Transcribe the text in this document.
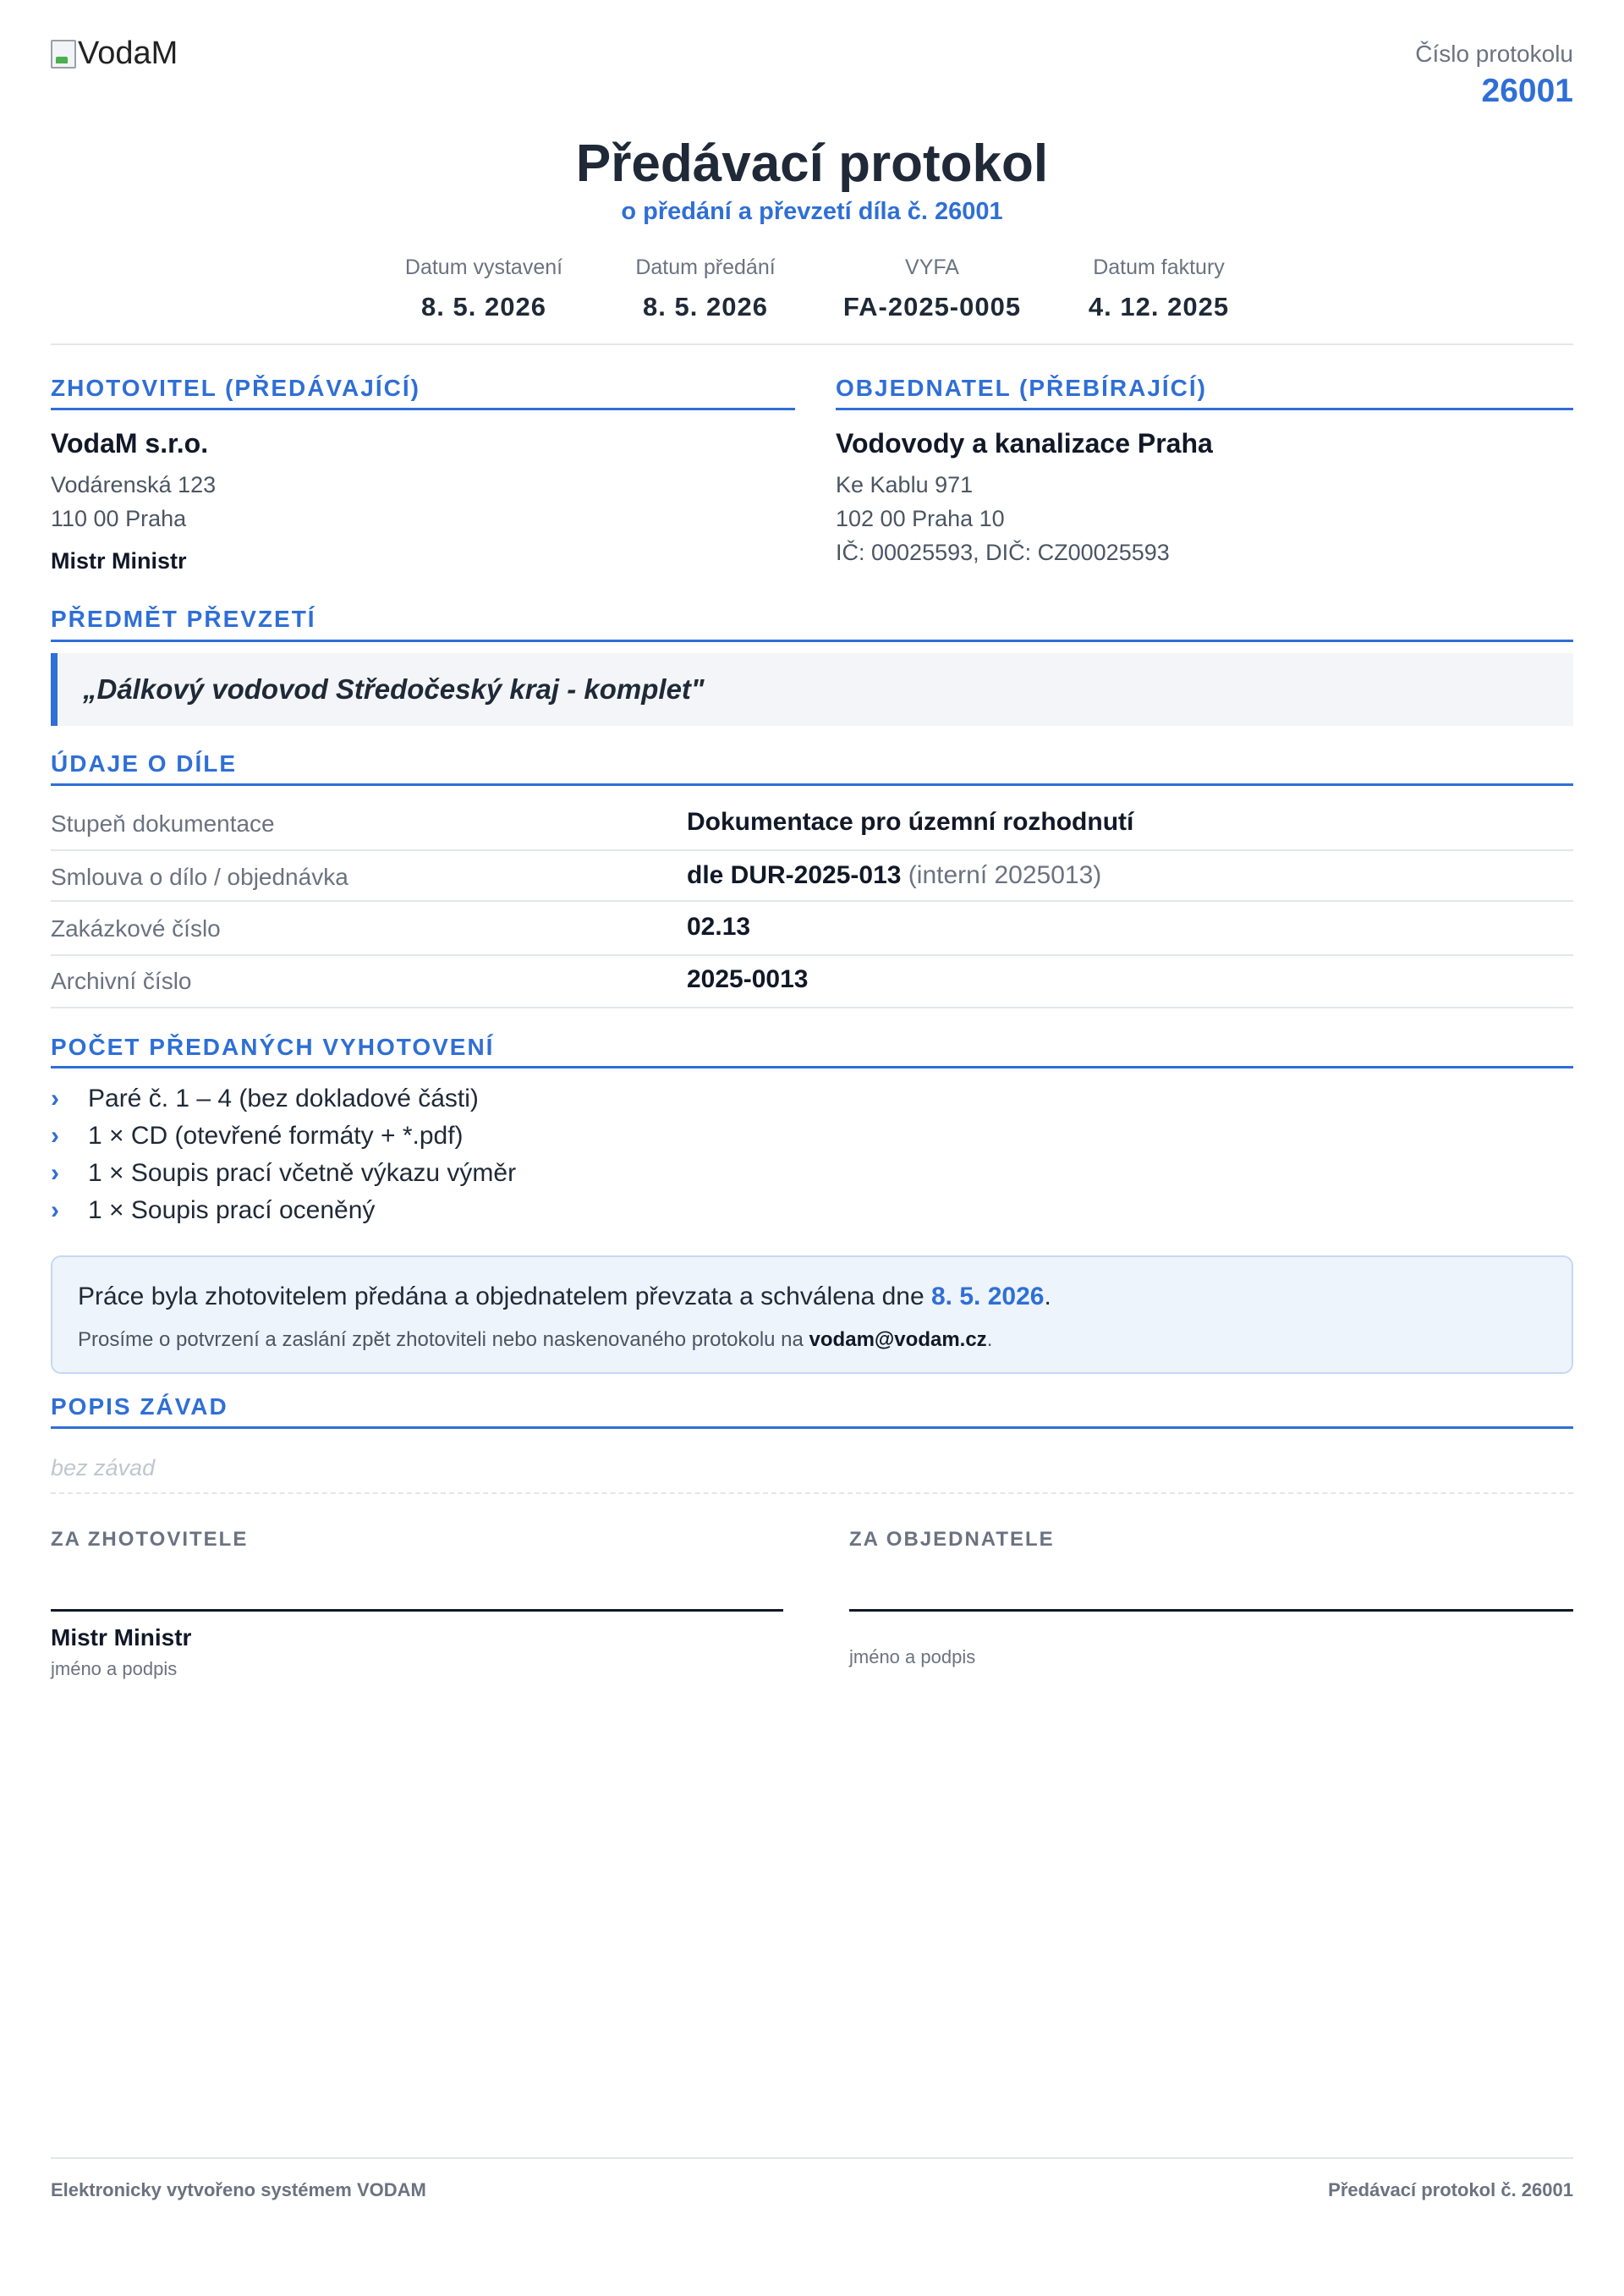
VodaM	Číslo protokolu
26001
Předávací protokol
o předání a převzetí díla č. 26001
Datum vystavení
8. 5. 2026
Datum předání
8. 5. 2026
VYFA
FA-2025-0005
Datum faktury
4. 12. 2025
ZHOTOVITEL (PŘEDÁVAJÍCÍ)
VodaM s.r.o.
Vodárenská 123
110 00 Praha
Mistr Ministr
OBJEDNATEL (PŘEBÍRAJÍCÍ)
Vodovody a kanalizace Praha
Ke Kablu 971
102 00 Praha 10
IČ: 00025593, DIČ: CZ00025593
PŘEDMĚT PŘEVZETÍ
„Dálkový vodovod Středočeský kraj - komplet"
ÚDAJE O DÍLE
Stupeň dokumentace	Dokumentace pro územní rozhodnutí
Smlouva o dílo / objednávka	dle DUR-2025-013 (interní 2025013)
Zakázkové číslo	02.13
Archivní číslo	2025-0013
POČET PŘEDANÝCH VYHOTOVENÍ
› Paré č. 1 – 4 (bez dokladové části)
› 1 × CD (otevřené formáty + *.pdf)
› 1 × Soupis prací včetně výkazu výměr
› 1 × Soupis prací oceněný
Práce byla zhotovitelem předána a objednatelem převzata a schválena dne 8. 5. 2026.
Prosíme o potvrzení a zaslání zpět zhotoviteli nebo naskenovaného protokolu na vodam@vodam.cz.
POPIS ZÁVAD
bez závad
ZA ZHOTOVITELE
Mistr Ministr
jméno a podpis
ZA OBJEDNATELE
jméno a podpis
Elektronicky vytvořeno systémem VODAM	Předávací protokol č. 26001
